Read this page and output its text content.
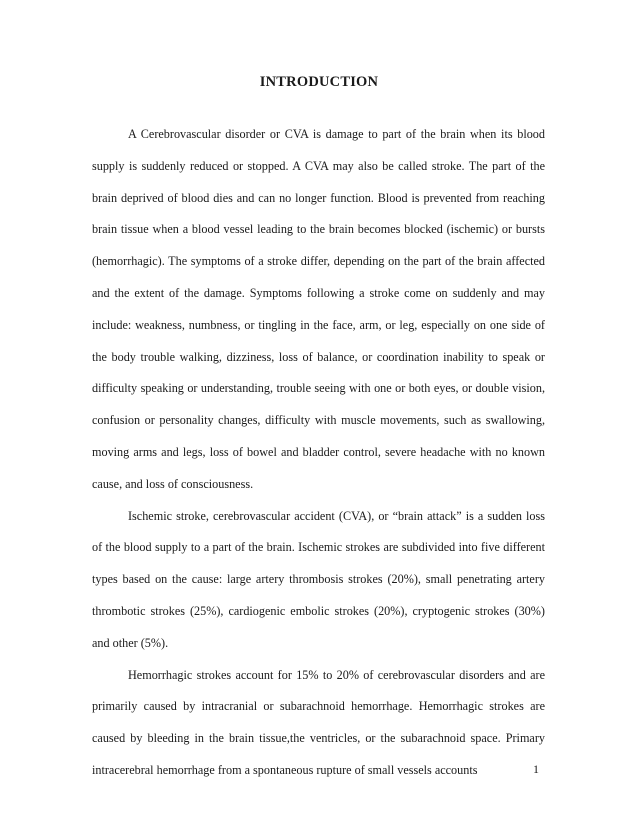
INTRODUCTION

A Cerebrovascular disorder or CVA is damage to part of the brain when its blood supply is suddenly reduced or stopped. A CVA may also be called stroke. The part of the brain deprived of blood dies and can no longer function. Blood is prevented from reaching brain tissue when a blood vessel leading to the brain becomes blocked (ischemic) or bursts (hemorrhagic). The symptoms of a stroke differ, depending on the part of the brain affected and the extent of the damage. Symptoms following a stroke come on suddenly and may include: weakness, numbness, or tingling in the face, arm, or leg, especially on one side of the body trouble walking, dizziness, loss of balance, or coordination inability to speak or difficulty speaking or understanding, trouble seeing with one or both eyes, or double vision, confusion or personality changes, difficulty with muscle movements, such as swallowing, moving arms and legs, loss of bowel and bladder control, severe headache with no known cause, and loss of consciousness.

Ischemic stroke, cerebrovascular accident (CVA), or “brain attack” is a sudden loss of the blood supply to a part of the brain. Ischemic strokes are subdivided into five different types based on the cause: large artery thrombosis strokes (20%), small penetrating artery thrombotic strokes (25%), cardiogenic embolic strokes (20%), cryptogenic strokes (30%) and other (5%).

Hemorrhagic strokes account for 15% to 20% of cerebrovascular disorders and are primarily caused by intracranial or subarachnoid hemorrhage. Hemorrhagic strokes are caused by bleeding in the brain tissue,the ventricles, or the subarachnoid space. Primary intracerebral hemorrhage from a spontaneous rupture of small vessels accounts	1
